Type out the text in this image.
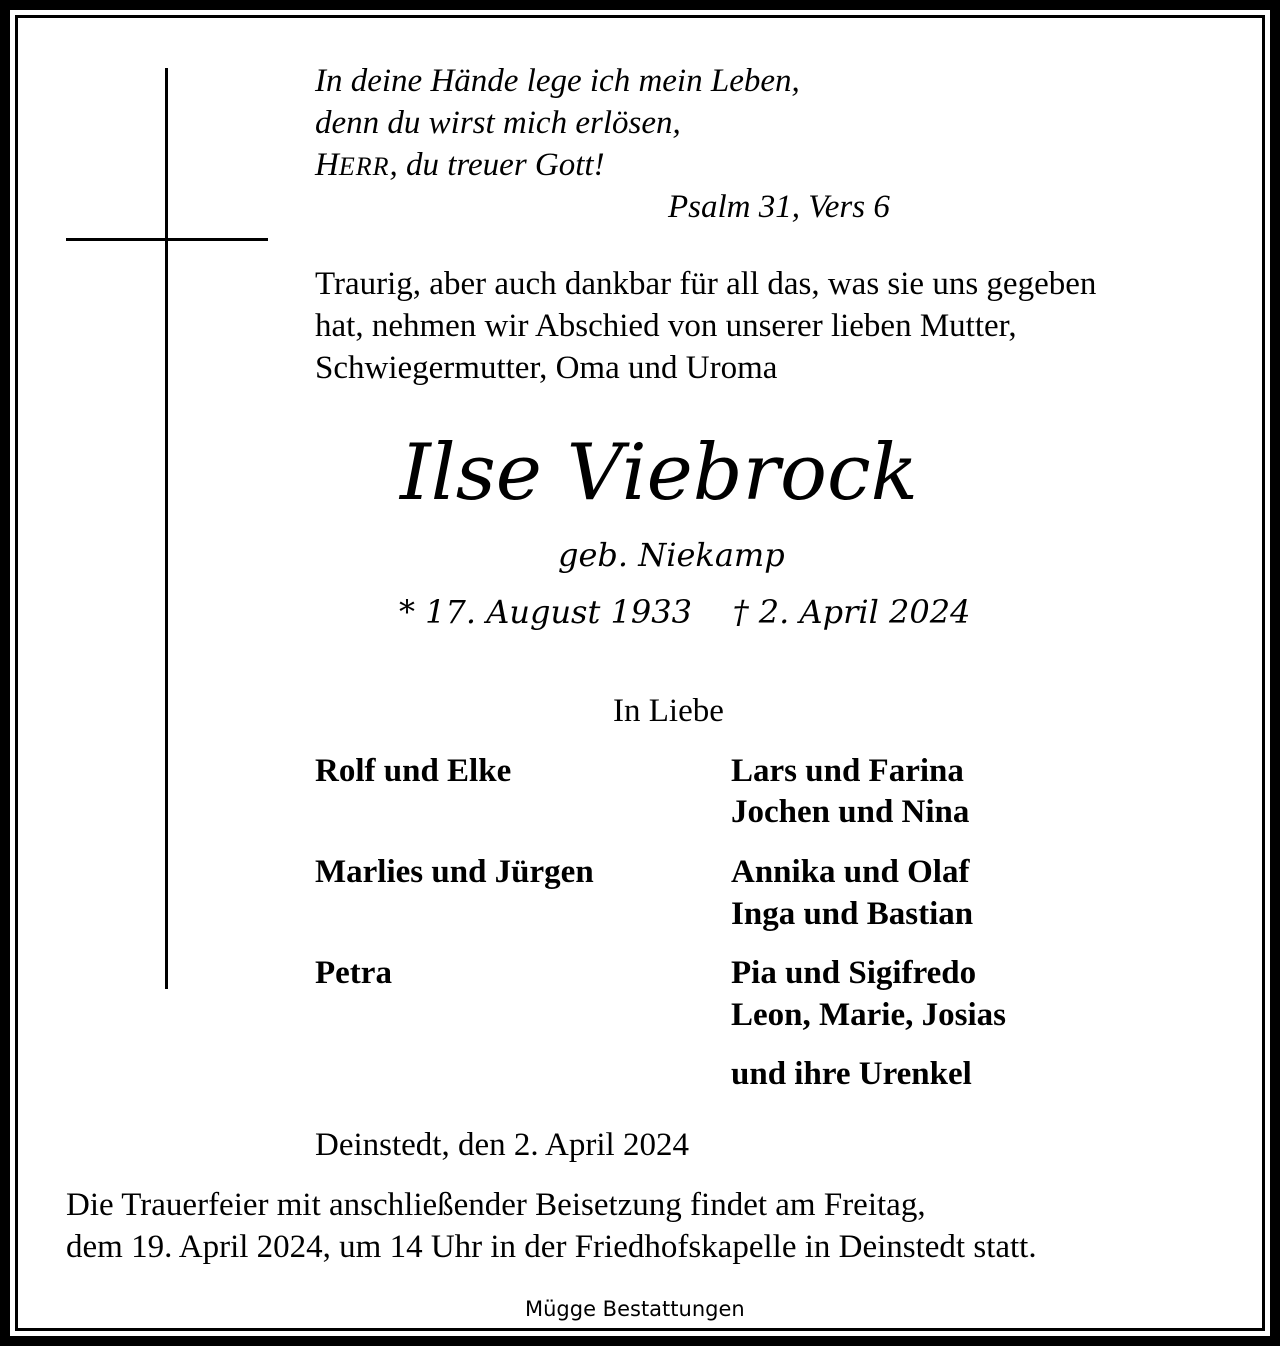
In deine Hände lege ich mein Leben,
denn du wirst mich erlösen,
HERR, du treuer Gott!
Psalm 31, Vers 6
Traurig, aber auch dankbar für all das, was sie uns gegeben
hat, nehmen wir Abschied von unserer lieben Mutter,
Schwiegermutter, Oma und Uroma
Ilse Viebrock
geb. Niekamp
* 17. August 1933    † 2. April 2024
In Liebe
Rolf und Elke
Marlies und Jürgen
Petra
Lars und Farina
Jochen und Nina
Annika und Olaf
Inga und Bastian
Pia und Sigifredo
Leon, Marie, Josias
und ihre Urenkel
Deinstedt, den 2. April 2024
Die Trauerfeier mit anschließender Beisetzung findet am Freitag,
dem 19. April 2024, um 14 Uhr in der Friedhofskapelle in Deinstedt statt.
Mügge Bestattungen
